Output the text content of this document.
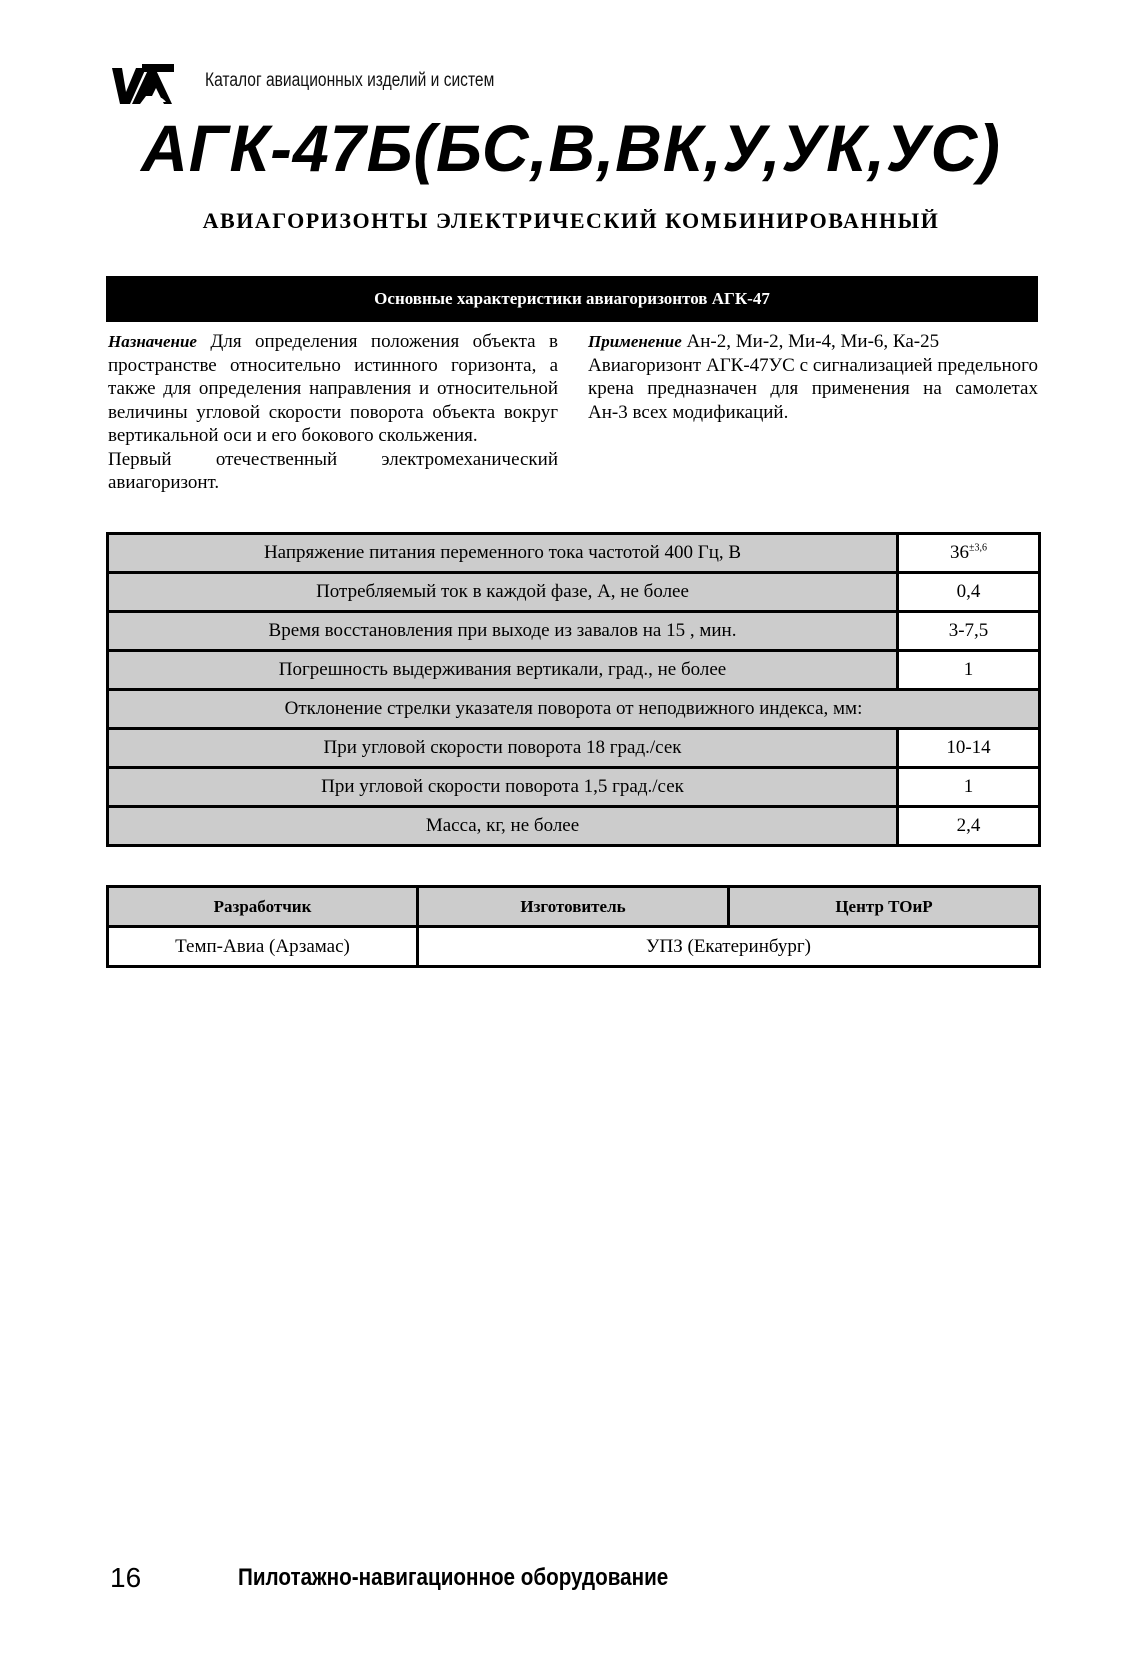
Каталог авиационных изделий и систем
АГК-47Б(БС,В,ВК,У,УК,УС)
АВИАГОРИЗОНТЫ ЭЛЕКТРИЧЕСКИЙ КОМБИНИРОВАННЫЙ
Основные характеристики авиагоризонтов АГК-47

Назначение Для определения положения объекта в пространстве относительно истинного горизонта, а также для определения направления и относительной величины угловой скорости поворота объекта вокруг вертикальной оси и его бокового скольжения.

Первый отечественный электромеханический авиагоризонт.

Применение Ан-2, Ми-2, Ми-4, Ми-6, Ка-25

Авиагоризонт АГК-47УС с сигнализацией предельного крена предназначен для применения на самолетах Ан-3 всех модификаций.

Напряжение питания переменного тока частотой 400 Гц, В	$36^{\pm 3,6}$
Потребляемый ток в каждой фазе, А, не более	0,4
Время восстановления при выходе из завалов на 15 , мин.	3-7,5
Погрешность выдерживания вертикали, град., не более	1
Отклонение стрелки указателя поворота от неподвижного индекса, мм:	
При угловой скорости поворота 18 град./сек	10-14
При угловой скорости поворота 1,5 град./сек	1
Масса, кг, не более	2,4
Разработчик	Изготовитель	Центр ТОиР
Темп-Авиа (Арзамас)	УПЗ (Екатеринбург)	
16	Пилотажно-навигационное оборудование
